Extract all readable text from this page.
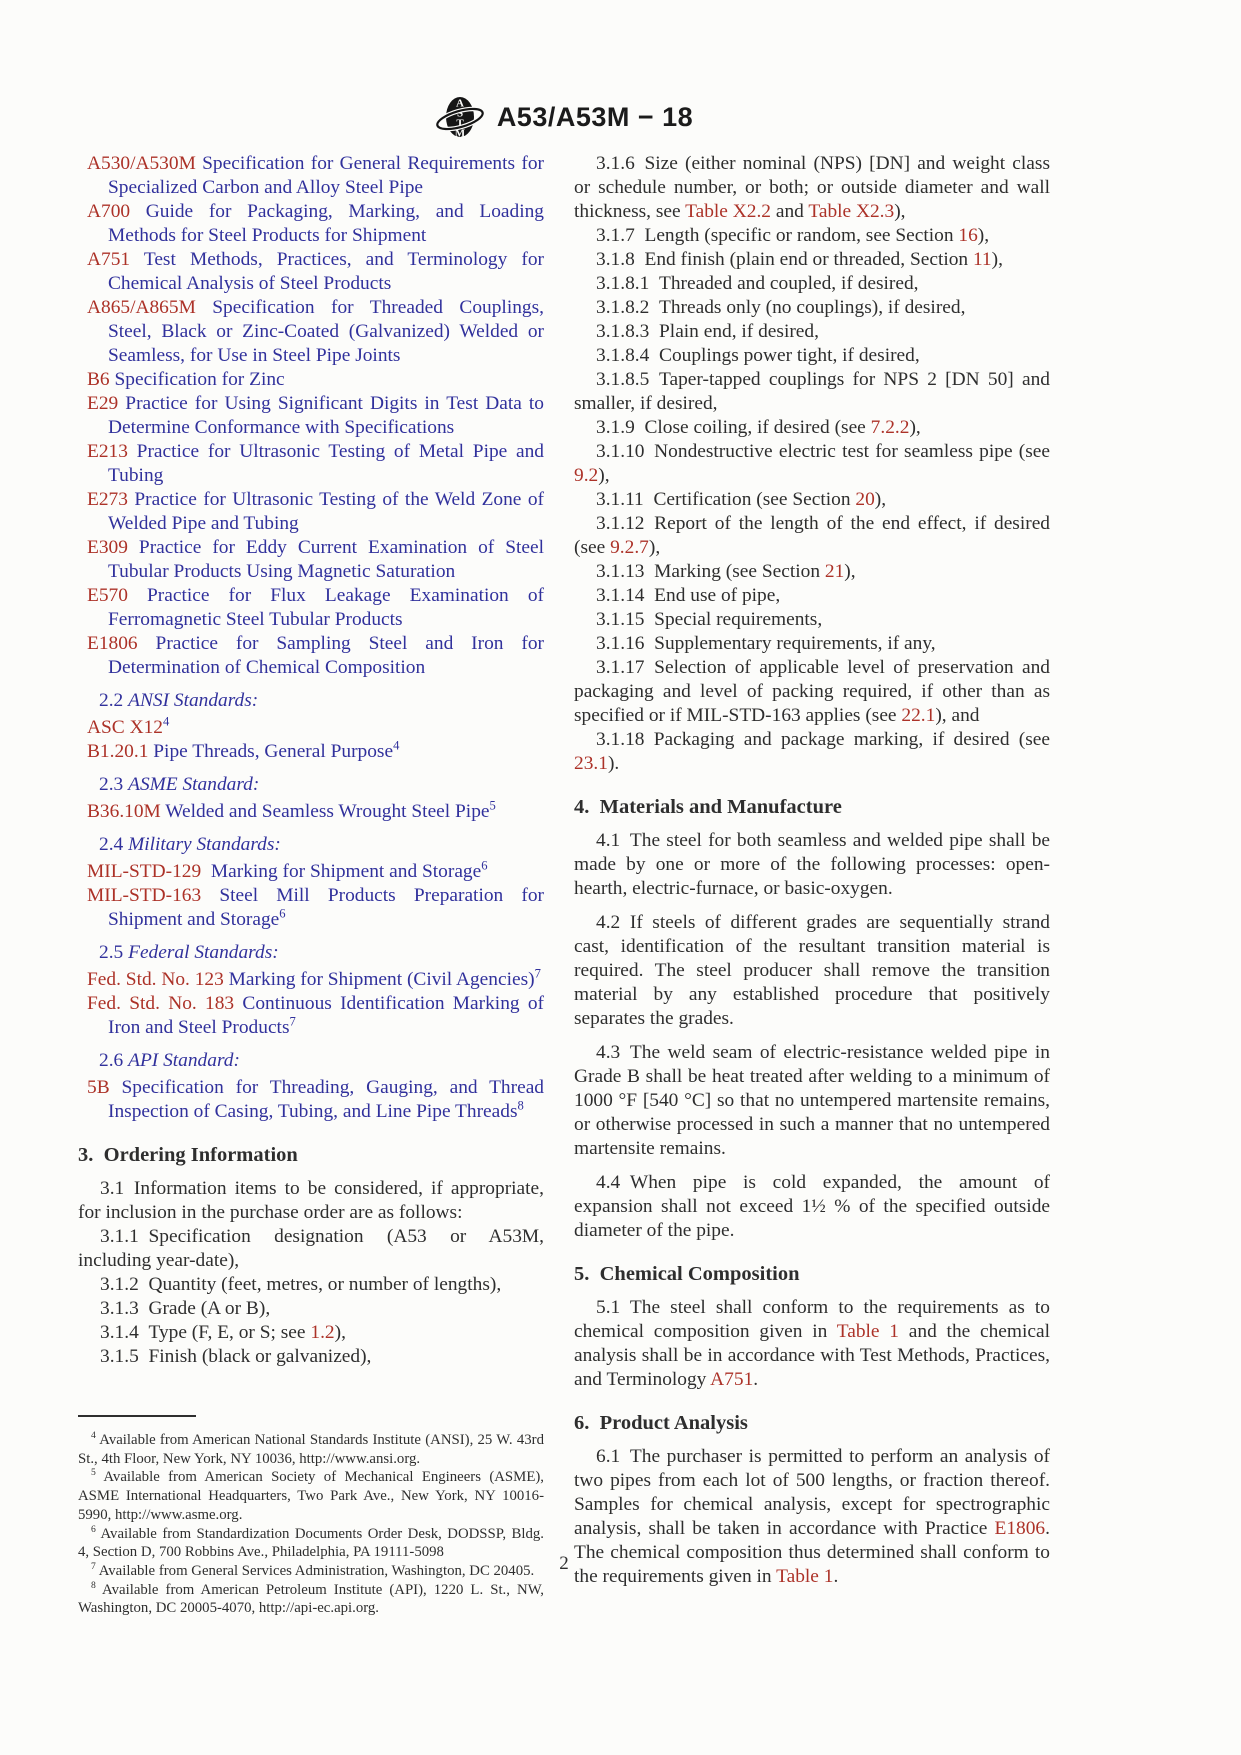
A
S
T
M
A53/A53M − 18
A530/A530M Specification for General Requirements for Specialized Carbon and Alloy Steel Pipe
A700 Guide for Packaging, Marking, and Loading Methods for Steel Products for Shipment
A751 Test Methods, Practices, and Terminology for Chemical Analysis of Steel Products
A865/A865M Specification for Threaded Couplings, Steel, Black or Zinc-Coated (Galvanized) Welded or Seamless, for Use in Steel Pipe Joints
B6 Specification for Zinc
E29 Practice for Using Significant Digits in Test Data to Determine Conformance with Specifications
E213 Practice for Ultrasonic Testing of Metal Pipe and Tubing
E273 Practice for Ultrasonic Testing of the Weld Zone of Welded Pipe and Tubing
E309 Practice for Eddy Current Examination of Steel Tubular Products Using Magnetic Saturation
E570 Practice for Flux Leakage Examination of Ferromagnetic Steel Tubular Products
E1806 Practice for Sampling Steel and Iron for Determination of Chemical Composition
2.2 ANSI Standards:
ASC $X12^4$
B1.20.1 Pipe Threads, General Purpose$^4$
2.3 ASME Standard:
B36.10M Welded and Seamless Wrought Steel Pipe$^5$
2.4 Military Standards:
MIL-STD-129 Marking for Shipment and Storage$^6$
MIL-STD-163 Steel Mill Products Preparation for Shipment and Storage$^6$
2.5 Federal Standards:
Fed. Std. No. 123 Marking for Shipment (Civil Agencies)$^7$
Fed. Std. No. 183 Continuous Identification Marking of Iron and Steel Products$^7$
2.6 API Standard:
5B Specification for Threading, Gauging, and Thread Inspection of Casing, Tubing, and Line Pipe Threads$^8$
3. Ordering Information
3.1 Information items to be considered, if appropriate, for inclusion in the purchase order are as follows:
3.1.1 Specification designation (A53 or A53M, including year-date),
3.1.2 Quantity (feet, metres, or number of lengths),
3.1.3 Grade (A or B),
3.1.4 Type (F, E, or S; see 1.2),
3.1.5 Finish (black or galvanized),
$^4$ Available from American National Standards Institute (ANSI), 25 W. 43rd St., 4th Floor, New York, NY 10036, http://www.ansi.org.
$^5$ Available from American Society of Mechanical Engineers (ASME), ASME International Headquarters, Two Park Ave., New York, NY 10016-5990, http://www.asme.org.
$^6$ Available from Standardization Documents Order Desk, DODSSP, Bldg. 4, Section D, 700 Robbins Ave., Philadelphia, PA 19111-5098
$^7$ Available from General Services Administration, Washington, DC 20405.
$^8$ Available from American Petroleum Institute (API), 1220 L. St., NW, Washington, DC 20005-4070, http://api-ec.api.org.
3.1.6 Size (either nominal (NPS) [DN] and weight class or schedule number, or both; or outside diameter and wall thickness, see Table X2.2 and Table X2.3),
3.1.7 Length (specific or random, see Section 16),
3.1.8 End finish (plain end or threaded, Section 11),
3.1.8.1 Threaded and coupled, if desired,
3.1.8.2 Threads only (no couplings), if desired,
3.1.8.3 Plain end, if desired,
3.1.8.4 Couplings power tight, if desired,
3.1.8.5 Taper-tapped couplings for NPS 2 [DN 50] and smaller, if desired,
3.1.9 Close coiling, if desired (see 7.2.2),
3.1.10 Nondestructive electric test for seamless pipe (see 9.2),
3.1.11 Certification (see Section 20),
3.1.12 Report of the length of the end effect, if desired (see 9.2.7),
3.1.13 Marking (see Section 21),
3.1.14 End use of pipe,
3.1.15 Special requirements,
3.1.16 Supplementary requirements, if any,
3.1.17 Selection of applicable level of preservation and packaging and level of packing required, if other than as specified or if MIL-STD-163 applies (see 22.1), and
3.1.18 Packaging and package marking, if desired (see 23.1).
4. Materials and Manufacture
4.1 The steel for both seamless and welded pipe shall be made by one or more of the following processes: open-hearth, electric-furnace, or basic-oxygen.
4.2 If steels of different grades are sequentially strand cast, identification of the resultant transition material is required. The steel producer shall remove the transition material by any established procedure that positively separates the grades.
4.3 The weld seam of electric-resistance welded pipe in Grade B shall be heat treated after welding to a minimum of 1000 °F [540 °C] so that no untempered martensite remains, or otherwise processed in such a manner that no untempered martensite remains.
4.4 When pipe is cold expanded, the amount of expansion shall not exceed 1½ % of the specified outside diameter of the pipe.
5. Chemical Composition
5.1 The steel shall conform to the requirements as to chemical composition given in Table 1 and the chemical analysis shall be in accordance with Test Methods, Practices, and Terminology A751.
6. Product Analysis
6.1 The purchaser is permitted to perform an analysis of two pipes from each lot of 500 lengths, or fraction thereof. Samples for chemical analysis, except for spectrographic analysis, shall be taken in accordance with Practice E1806. The chemical composition thus determined shall conform to the requirements given in Table 1.
2
